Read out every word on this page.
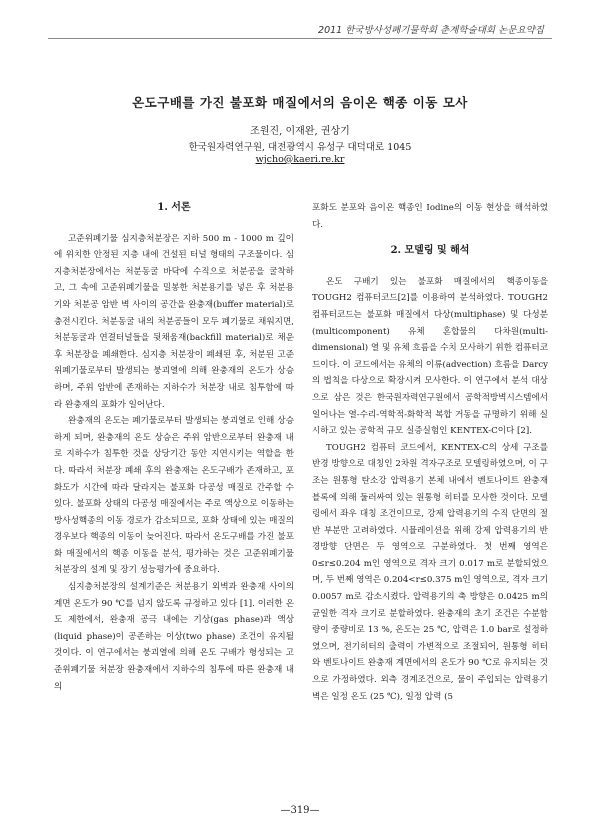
2011 한국방사성폐기물학회 춘계학술대회 논문요약집
온도구배를 가진 불포화 매질에서의 음이온 핵종 이동 모사
조원진, 이재완, 권상기
한국원자력연구원, 대전광역시 유성구 대덕대로 1045
wjcho@kaeri.re.kr
1. 서론

고준위폐기물 심지층처분장은 지하 500 m - 1000 m 깊이에 위치한 안정된 지층 내에 건설된 터널 형태의 구조물이다. 심지층처분장에서는 처분동굴 바닥에 수직으로 처분공을 굴착하고, 그 속에 고준위폐기물을 밀봉한 처분용기를 넣은 후 처분용기와 처분공 암반 벽 사이의 공간을 완충재(buffer material)로 충전시킨다. 처분동굴 내의 처분공들이 모두 폐기물로 채워지면, 처분동굴과 연결터널들을 뒷채움재(backfill material)로 채운 후 처분장을 폐쇄한다. 심지층 처분장이 폐쇄된 후, 처분된 고준위폐기물로부터 발생되는 붕괴열에 의해 완충재의 온도가 상승하며, 주위 암반에 존재하는 지하수가 처분장 내로 침투함에 따라 완충재의 포화가 일어난다.

완충재의 온도는 폐기물로부터 발생되는 붕괴열로 인해 상승하게 되며, 완충재의 온도 상승은 주위 암반으로부터 완충재 내로 지하수가 침투한 것을 상당기간 동안 지연시키는 역할을 한다. 따라서 처분장 폐쇄 후의 완충재는 온도구배가 존재하고, 포화도가 시간에 따라 달라지는 불포화 다공성 매질로 간주할 수 있다. 불포화 상태의 다공성 매질에서는 주로 액상으로 이동하는 방사성핵종의 이동 경로가 감소되므로, 포화 상태에 있는 매질의 경우보다 핵종의 이동이 늦어진다. 따라서 온도구배를 가진 불포화 매질에서의 핵종 이동을 분석, 평가하는 것은 고준위폐기물 처분장의 설계 및 장기 성능평가에 중요하다.

심지층처분장의 설계기준은 처분용기 외벽과 완충재 사이의 계면 온도가 90 ℃를 넘지 않도록 규정하고 있다 [1]. 이러한 온도 제한에서, 완충재 공극 내에는 기상(gas phase)과 액상(liquid phase)이 공존하는 이상(two phase) 조건이 유지될 것이다. 이 연구에서는 붕괴열에 의해 온도 구배가 형성되는 고준위폐기물 처분장 완충재에서 지하수의 침투에 따른 완충재 내의

포화도 분포와 음이온 핵종인 Iodine의 이동 현상을 해석하였다.

2. 모델링 및 해석

온도 구배기 있는 불포화 매질에서의 핵종이동을 TOUGH2 컴퓨터코드[2]를 이용하여 분석하였다. TOUGH2 컴퓨터코드는 불포화 매질에서 다상(multiphase) 및 다성분(multicomponent) 유체 혼합물의 다차원(multi-dimensional) 열 및 유체 흐름을 수치 모사하기 위한 컴퓨터코드이다. 이 코드에서는 유체의 이류(advection) 흐름을 Darcy의 법칙을 다상으로 확장시켜 모사한다. 이 연구에서 분석 대상으로 삼은 것은 한국원자력연구원에서 공학적방벽시스템에서 일어나는 열-수리-역학적-화학적 복합 거동을 규명하기 위해 실시하고 있는 공학적 규모 실증실험인 KENTEX-C이다 [2].

TOUGH2 컴퓨터 코드에서, KENTEX-C의 상세 구조를 반경 방향으로 대칭인 2차원 격자구조로 모델링하였으며, 이 구조는 원통형 탄소강 압력용기 본체 내에서 벤토나이트 완충재 블록에 의해 둘러싸여 있는 원통형 히터를 모사한 것이다. 모델링에서 좌우 대칭 조건이므로, 강제 압력용기의 수직 단면의 절반 부분만 고려하였다. 시뮬레이션을 위해 강제 압력용기의 반경방향 단면은 두 영역으로 구분하였다. 첫 번째 영역은 0≤r≤0.204 m인 영역으로 격자 크기 0.017 m로 분할되었으며, 두 번째 영역은 0.204<r≤0.375 m인 영역으로, 격자 크기 0.0057 m로 감소시켰다. 압력용기의 축 방향은 0.0425 m의 균일한 격자 크기로 분할하였다. 완충재의 초기 조건은 수분함량이 중량비로 13 %, 온도는 25 ℃, 압력은 1.0 bar로 설정하였으며, 전기히터의 출력이 가변적으로 조절되어, 원통형 히터와 벤토나이트 완충재 계면에서의 온도가 90 ℃로 유지되는 것으로 가정하였다. 외측 경계조건으로, 물이 주입되는 압력용기 벽은 일정 온도 (25 ℃), 일정 압력 (5

—319—
